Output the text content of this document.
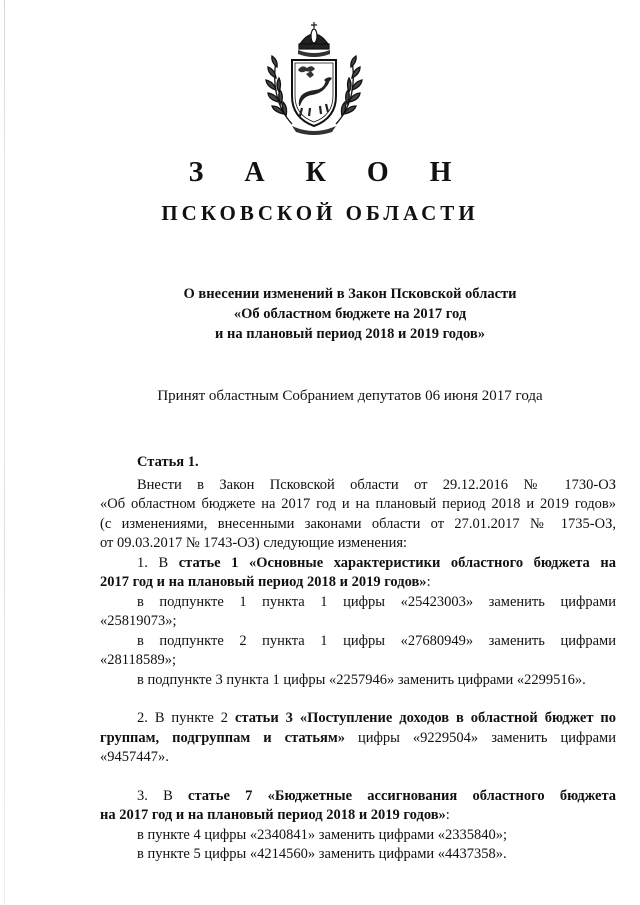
З А К О Н
ПСКОВСКОЙ ОБЛАСТИ
О внесении изменений в Закон Псковской области
«Об областном бюджете на 2017 год
и на плановый период 2018 и 2019 годов»
Принят областным Собранием депутатов 06 июня 2017 года

Статья 1.

Внести в Закон Псковской области от 29.12.2016 № 1730-ОЗ

«Об областном бюджете на 2017 год и на плановый период 2018 и 2019 годов»

(с изменениями, внесенными законами области от 27.01.2017 № 1735-ОЗ,

от 09.03.2017 № 1743-ОЗ) следующие изменения:

1. В статье 1 «Основные характеристики областного бюджета на

2017 год и на плановый период 2018 и 2019 годов»:

в подпункте 1 пункта 1 цифры «25423003» заменить цифрами

«25819073»;

в подпункте 2 пункта 1 цифры «27680949» заменить цифрами

«28118589»;

в подпункте 3 пункта 1 цифры «2257946» заменить цифрами «2299516».

2. В пункте 2 статьи 3 «Поступление доходов в областной бюджет по

группам, подгруппам и статьям» цифры «9229504» заменить цифрами

«9457447».

3. В статье 7 «Бюджетные ассигнования областного бюджета

на 2017 год и на плановый период 2018 и 2019 годов»:

в пункте 4 цифры «2340841» заменить цифрами «2335840»;

в пункте 5 цифры «4214560» заменить цифрами «4437358».
